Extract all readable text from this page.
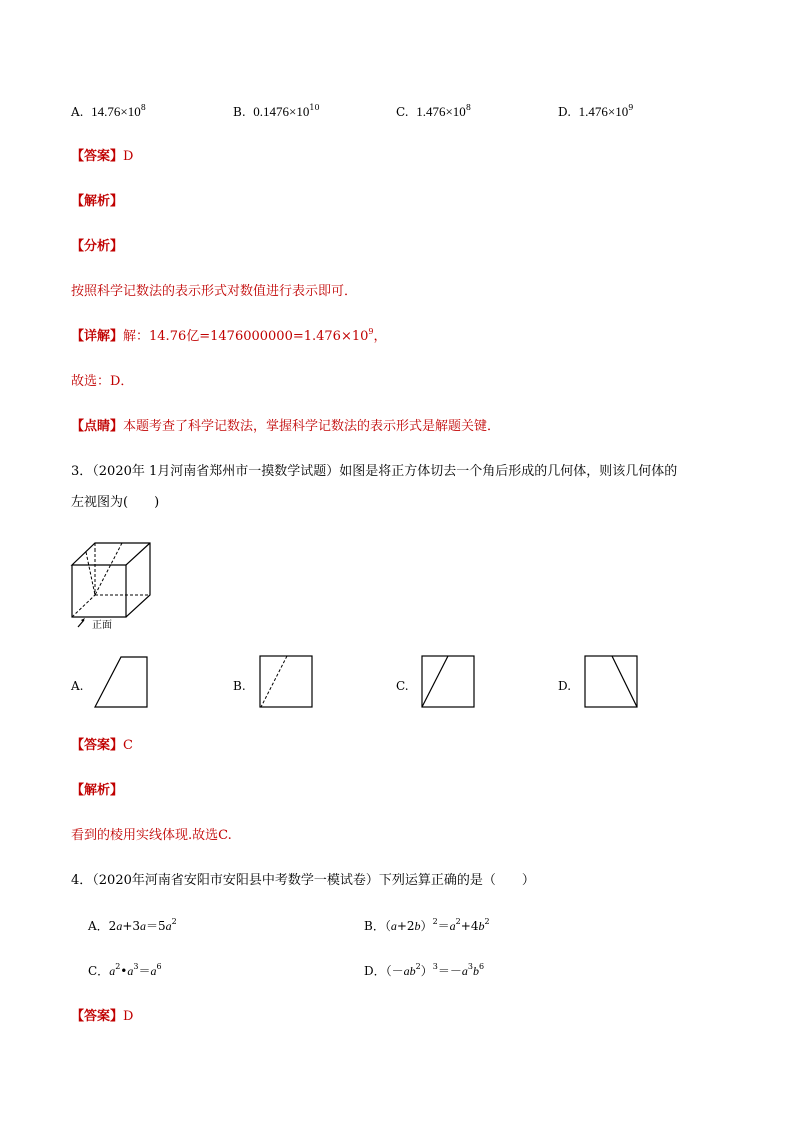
A. $14.76\times 10^8$	B. $0.1476\times 10^{10}$	C. $1.476\times 10^8$	D. $1.476\times 10^9$
【答案】D
【解析】
【分析】
按照科学记数法的表示形式对数值进行表示即可．
【详解】解：14.76亿$=1476000000=1.476\times 10^9$，
故选：D．
【点睛】本题考查了科学记数法，掌握科学记数法的表示形式是解题关键．
3．（2020年 1月河南省郑州市一摸数学试题）如图是将正方体切去一个角后形成的几何体，则该几何体的
左视图为(　　)
正面
A.	B.	C.	D.
【答案】C
【解析】
看到的棱用实线体现.故选C.
4．（2020年河南省安阳市安阳县中考数学一模试卷）下列运算正确的是（　　）
A．$2a+3a=5a^2$	B．$(a+2b)^2=a^2+4b^2$
C．$a^2•a^3=a^6$	D．$(-ab^2)^3=-a^3b^6$
【答案】D
